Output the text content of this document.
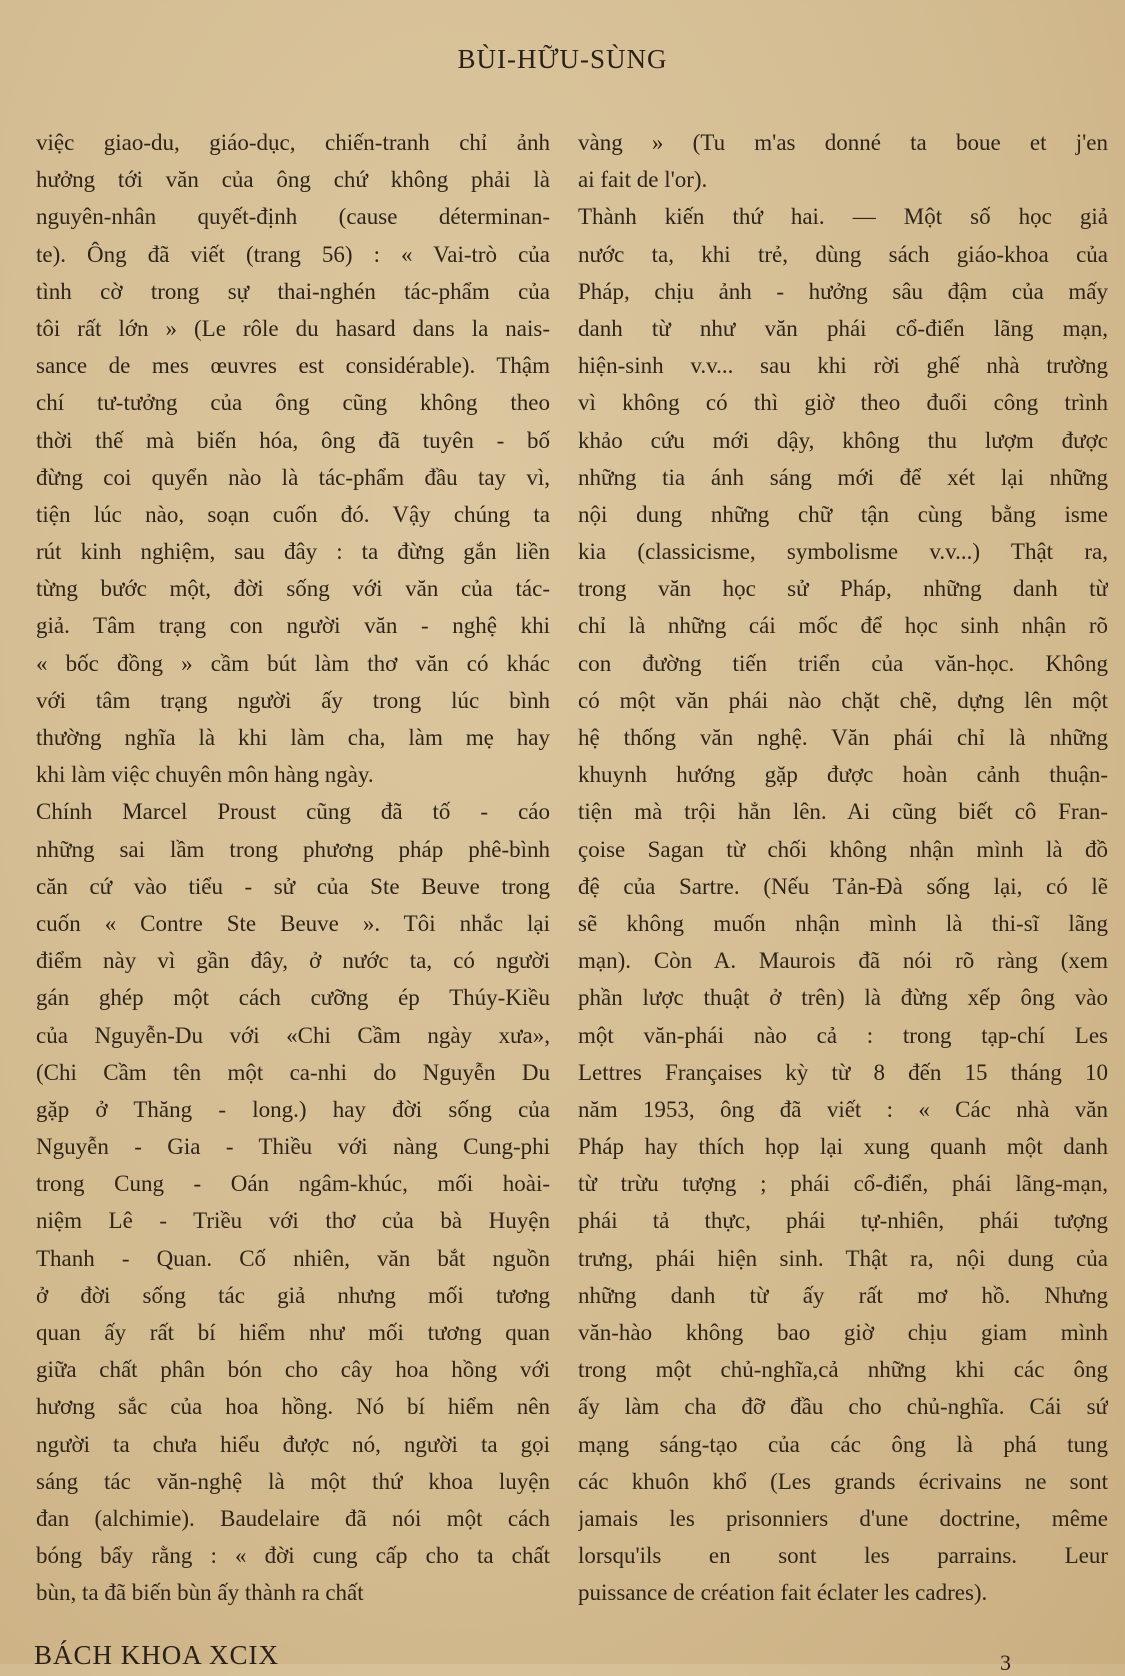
BÙI-HỮU-SÙNG
việc giao-du, giáo-dục, chiến-tranh chỉ ảnh
hưởng tới văn của ông chứ không phải là
nguyên-nhân quyết-định (cause déterminan-
te). Ông đã viết (trang 56) : « Vai-trò của
tình cờ trong sự thai-nghén tác-phẩm của
tôi rất lớn » (Le rôle du hasard dans la nais-
sance de mes œuvres est considérable). Thậm
chí tư-tưởng của ông cũng không theo
thời thế mà biến hóa, ông đã tuyên - bố
đừng coi quyển nào là tác-phẩm đầu tay vì,
tiện lúc nào, soạn cuốn đó. Vậy chúng ta
rút kinh nghiệm, sau đây : ta đừng gắn liền
từng bước một, đời sống với văn của tác-
giả. Tâm trạng con người văn - nghệ khi
« bốc đồng » cầm bút làm thơ văn có khác
với tâm trạng người ấy trong lúc bình
thường nghĩa là khi làm cha, làm mẹ hay
khi làm việc chuyên môn hàng ngày.
Chính Marcel Proust cũng đã tố - cáo
những sai lầm trong phương pháp phê-bình
căn cứ vào tiểu - sử của Ste Beuve trong
cuốn « Contre Ste Beuve ». Tôi nhắc lại
điểm này vì gần đây, ở nước ta, có người
gán ghép một cách cưỡng ép Thúy-Kiều
của Nguyễn-Du với «Chi Cầm ngày xưa»,
(Chi Cầm tên một ca-nhi do Nguyễn Du
gặp ở Thăng - long.) hay đời sống của
Nguyễn - Gia - Thiều với nàng Cung-phi
trong Cung - Oán ngâm-khúc, mối hoài-
niệm Lê - Triều với thơ của bà Huyện
Thanh - Quan. Cố nhiên, văn bắt nguồn
ở đời sống tác giả nhưng mối tương
quan ấy rất bí hiểm như mối tương quan
giữa chất phân bón cho cây hoa hồng với
hương sắc của hoa hồng. Nó bí hiểm nên
người ta chưa hiểu được nó, người ta gọi
sáng tác văn-nghệ là một thứ khoa luyện
đan (alchimie). Baudelaire đã nói một cách
bóng bẩy rằng : « đời cung cấp cho ta chất
bùn, ta đã biến bùn ấy thành ra chất
vàng » (Tu m'as donné ta boue et j'en
ai fait de l'or).
Thành kiến thứ hai. — Một số học giả
nước ta, khi trẻ, dùng sách giáo-khoa của
Pháp, chịu ảnh - hưởng sâu đậm của mấy
danh từ như văn phái cổ-điển lãng mạn,
hiện-sinh v.v... sau khi rời ghế nhà trường
vì không có thì giờ theo đuổi công trình
khảo cứu mới dậy, không thu lượm được
những tia ánh sáng mới để xét lại những
nội dung những chữ tận cùng bằng isme
kia (classicisme, symbolisme v.v...) Thật ra,
trong văn học sử Pháp, những danh từ
chỉ là những cái mốc để học sinh nhận rõ
con đường tiến triển của văn-học. Không
có một văn phái nào chặt chẽ, dựng lên một
hệ thống văn nghệ. Văn phái chỉ là những
khuynh hướng gặp được hoàn cảnh thuận-
tiện mà trội hẳn lên. Ai cũng biết cô Fran-
çoise Sagan từ chối không nhận mình là đồ
đệ của Sartre. (Nếu Tản-Đà sống lại, có lẽ
sẽ không muốn nhận mình là thi-sĩ lãng
mạn). Còn A. Maurois đã nói rõ ràng (xem
phần lược thuật ở trên) là đừng xếp ông vào
một văn-phái nào cả : trong tạp-chí Les
Lettres Françaises kỳ từ 8 đến 15 tháng 10
năm 1953, ông đã viết : « Các nhà văn
Pháp hay thích họp lại xung quanh một danh
từ trừu tượng ; phái cổ-điển, phái lãng-mạn,
phái tả thực, phái tự-nhiên, phái tượng
trưng, phái hiện sinh. Thật ra, nội dung của
những danh từ ấy rất mơ hồ. Nhưng
văn-hào không bao giờ chịu giam mình
trong một chủ-nghĩa,cả những khi các ông
ấy làm cha đỡ đầu cho chủ-nghĩa. Cái sứ
mạng sáng-tạo của các ông là phá tung
các khuôn khổ (Les grands écrivains ne sont
jamais les prisonniers d'une doctrine, même
lorsqu'ils en sont les parrains. Leur
puissance de création fait éclater les cadres).
BÁCH KHOA XCIX	3
